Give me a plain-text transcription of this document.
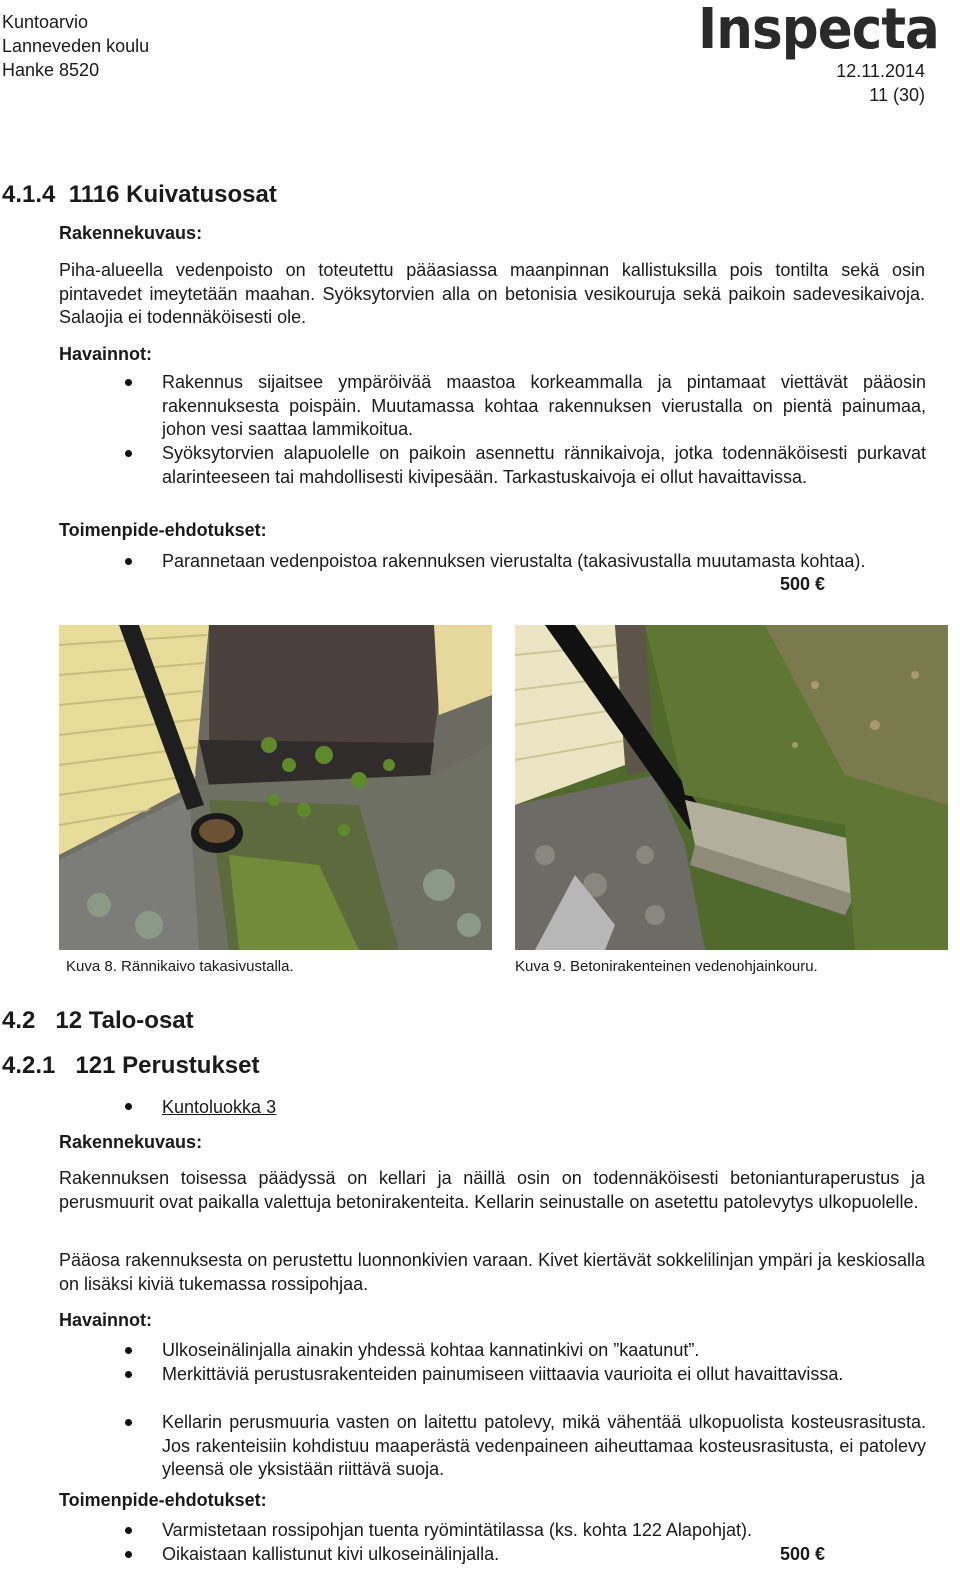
Kuntoarvio
Lanneveden koulu
Hanke 8520
Inspecta
12.11.2014
11 (30)
4.1.4  1116 Kuivatusosat
Rakennekuvaus:
Piha-alueella vedenpoisto on toteutettu pääasiassa maanpinnan kallistuksilla pois tontilta sekä osin pintavedet imeytetään maahan. Syöksytorvien alla on betonisia vesikouruja sekä paikoin sadevesikaivoja. Salaojia ei todennäköisesti ole.
Havainnot:
Rakennus sijaitsee ympäröivää maastoa korkeammalla ja pintamaat viettävät pääosin rakennuksesta poispäin. Muutamassa kohtaa rakennuksen vierustalla on pientä painumaa, johon vesi saattaa lammikoitua.
Syöksytorvien alapuolelle on paikoin asennettu rännikaivoja, jotka todennäköisesti purkavat alarinteeseen tai mahdollisesti kivipesään. Tarkastuskaivoja ei ollut havaittavissa.
Toimenpide-ehdotukset:
Parannetaan vedenpoistoa rakennuksen vierustalta (takasivustalla muutamasta kohtaa).
500 €
Kuva 8. Rännikaivo takasivustalla.	Kuva 9. Betonirakenteinen vedenohjainkouru.
4.2   12 Talo-osat
4.2.1   121 Perustukset
Kuntoluokka 3
Rakennekuvaus:
Rakennuksen toisessa päädyssä on kellari ja näillä osin on todennäköisesti betonianturaperustus ja perusmuurit ovat paikalla valettuja betonirakenteita. Kellarin seinustalle on asetettu patolevytys ulkopuolelle.
Pääosa rakennuksesta on perustettu luonnonkivien varaan. Kivet kiertävät sokkelilinjan ympäri ja keskiosalla on lisäksi kiviä tukemassa rossipohjaa.
Havainnot:
Ulkoseinälinjalla ainakin yhdessä kohtaa kannatinkivi on ”kaatunut”.
Merkittäviä perustusrakenteiden painumiseen viittaavia vaurioita ei ollut havaittavissa.
Kellarin perusmuuria vasten on laitettu patolevy, mikä vähentää ulkopuolista kosteusrasitusta. Jos rakenteisiin kohdistuu maaperästä vedenpaineen aiheuttamaa kosteusrasitusta, ei patolevy yleensä ole yksistään riittävä suoja.
Toimenpide-ehdotukset:
Varmistetaan rossipohjan tuenta ryömintätilassa (ks. kohta 122 Alapohjat).
Oikaistaan kallistunut kivi ulkoseinälinjalla.	500 €
